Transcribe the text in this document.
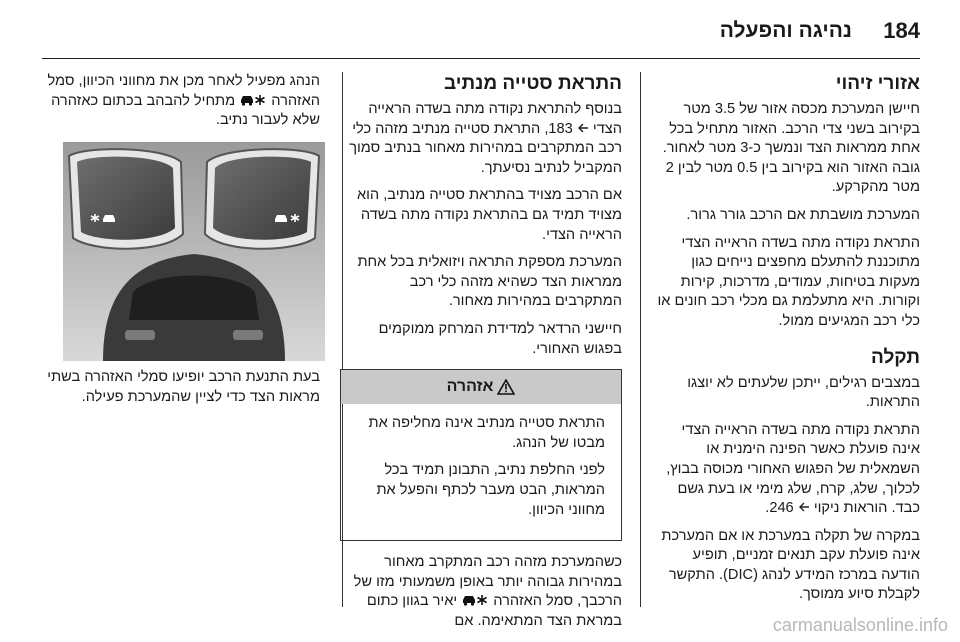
184
נהיגה והפעלה
אזורי זיהוי

חיישן המערכת מכסה אזור של 3.5 מטר בקירוב בשני צדי הרכב. האזור מתחיל בכל אחת ממראות הצד ונמשך כ-3 מטר לאחור. גובה האזור הוא בקירוב בין 0.5 מטר לבין 2 מטר מהקרקע.

המערכת מושבתת אם הרכב גורר גרור.

התראת נקודה מתה בשדה הראייה הצדי מתוכננת להתעלם מחפצים נייחים כגון מעקות בטיחות, עמודים, מדרכות, קירות וקורות. היא מתעלמת גם מכלי רכב חונים או כלי רכב המגיעים ממול.

תקלה

במצבים רגילים, ייתכן שלעתים לא יוצגו התראות.

התראת נקודה מתה בשדה הראייה הצדי אינה פועלת כאשר הפינה הימנית או השמאלית של הפגוש האחורי מכוסה בבוץ, לכלוך, שלג, קרח, שלג מימי או בעת גשם כבד. הוראות ניקוי  246.

במקרה של תקלה במערכת או אם המערכת אינה פועלת עקב תנאים זמניים, תופיע הודעה במרכז המידע לנהג (DIC). התקשר לקבלת סיוע ממוסך.

התראת סטייה מנתיב

בנוסף להתראת נקודה מתה בשדה הראייה הצדי  183, התראת סטייה מנתיב מזהה כלי רכב המתקרבים במהירות מאחור בנתיב סמוך המקביל לנתיב נסיעתך.

אם הרכב מצויד בהתראת סטייה מנתיב, הוא מצויד תמיד גם בהתראת נקודה מתה בשדה הראייה הצדי.

המערכת מספקת התראה ויזואלית בכל אחת ממראות הצד כשהיא מזהה כלי רכב המתקרבים במהירות מאחור.

חיישני הרדאר למדידת המרחק ממוקמים בפגוש האחורי.

אזהרה

התראת סטייה מנתיב אינה מחליפה את מבטו של הנהג.

לפני החלפת נתיב, התבונן תמיד בכל המראות, הבט מעבר לכתף והפעל את מחווני הכיוון.

כשהמערכת מזהה רכב המתקרב מאחור במהירות גבוהה יותר באופן משמעותי מזו של הרכבך, סמל האזהרה  יאיר בגוון כתום במראת הצד המתאימה. אם

הנהג מפעיל לאחר מכן את מחווני הכיוון, סמל האזהרה  מתחיל להבהב בכתום כאזהרה שלא לעבור נתיב.

בעת התנעת הרכב יופיעו סמלי האזהרה בשתי מראות הצד כדי לציין שהמערכת פעילה.

carmanualsonline.info
